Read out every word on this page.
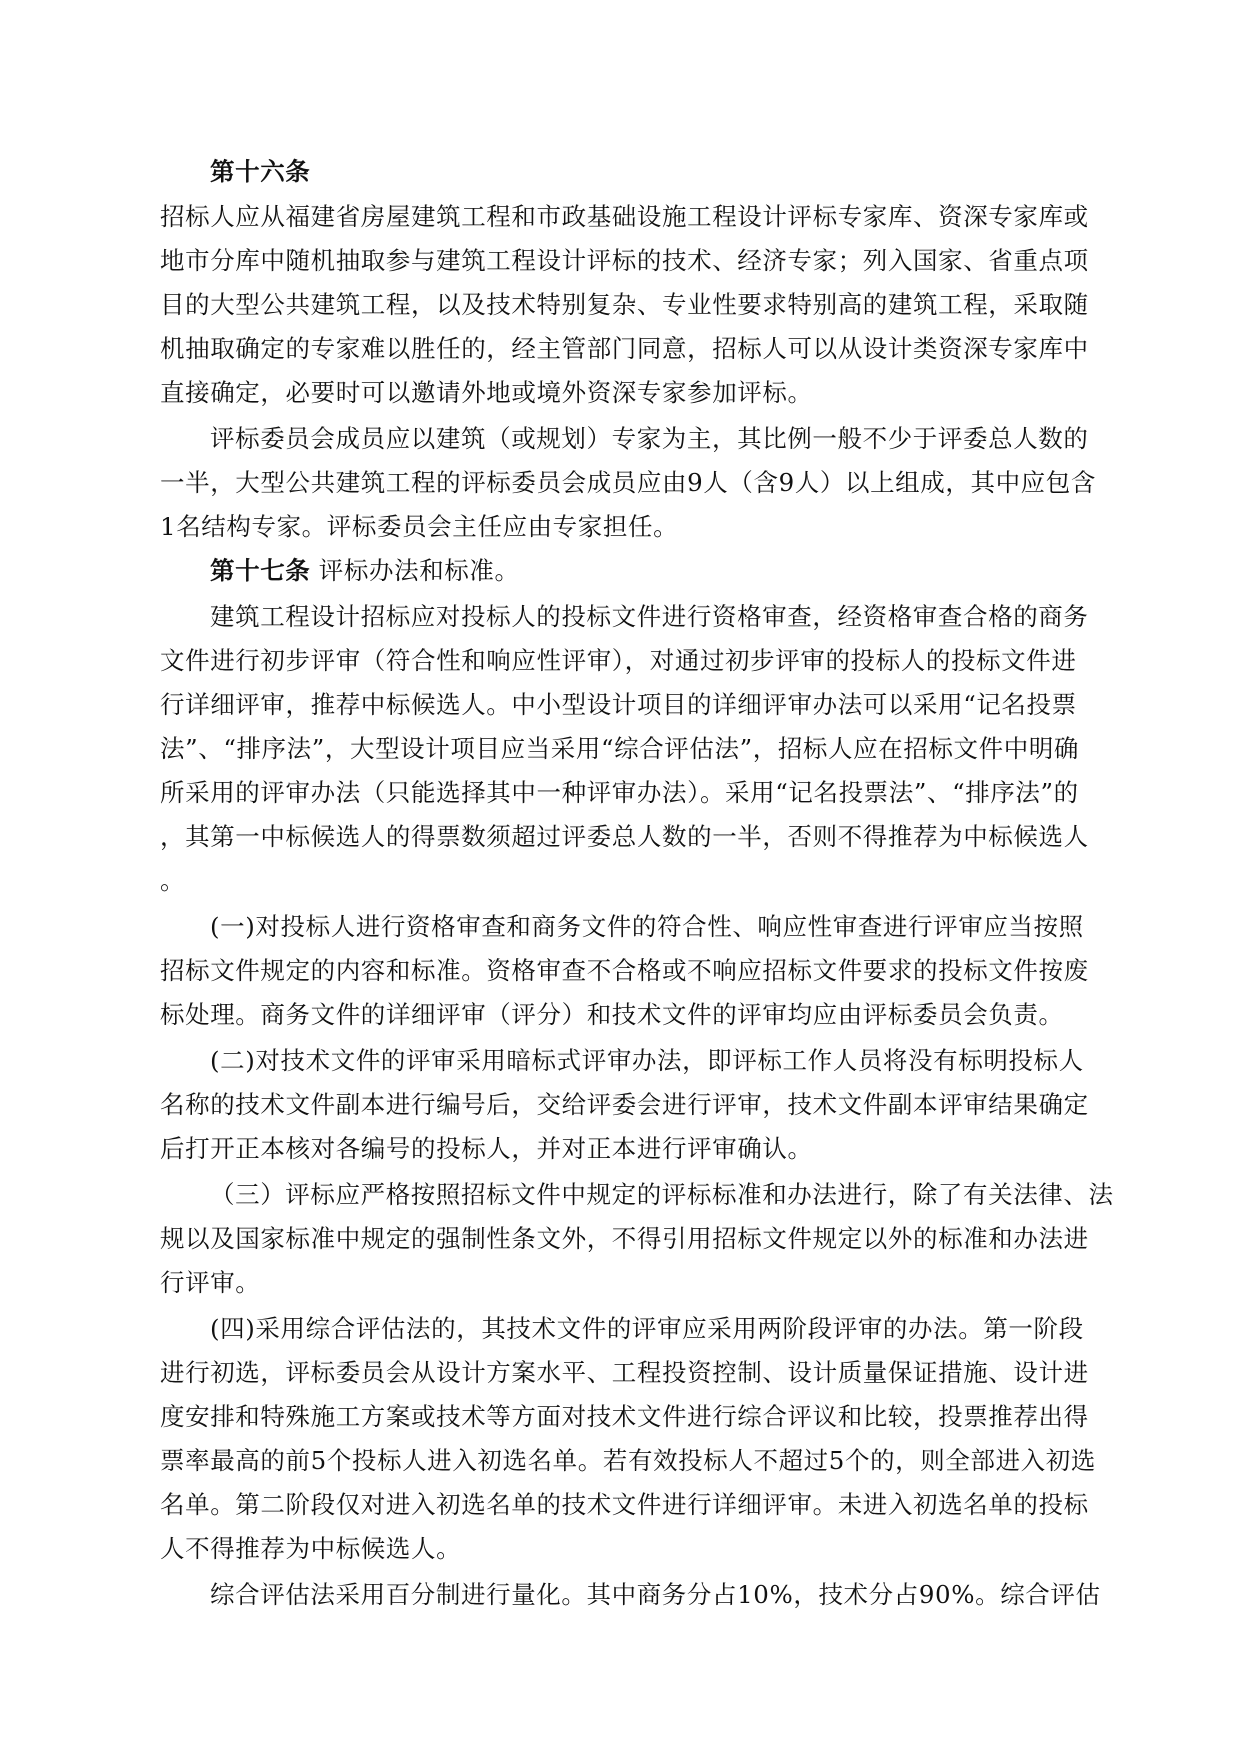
第十六条
招标人应从福建省房屋建筑工程和市政基础设施工程设计评标专家库、资深专家库或
地市分库中随机抽取参与建筑工程设计评标的技术、经济专家；列入国家、省重点项
目的大型公共建筑工程，以及技术特别复杂、专业性要求特别高的建筑工程，采取随
机抽取确定的专家难以胜任的，经主管部门同意，招标人可以从设计类资深专家库中
直接确定，必要时可以邀请外地或境外资深专家参加评标。
评标委员会成员应以建筑（或规划）专家为主，其比例一般不少于评委总人数的
一半，大型公共建筑工程的评标委员会成员应由9人（含9人）以上组成，其中应包含
1名结构专家。评标委员会主任应由专家担任。
第十七条 评标办法和标准。
建筑工程设计招标应对投标人的投标文件进行资格审查，经资格审查合格的商务
文件进行初步评审（符合性和响应性评审），对通过初步评审的投标人的投标文件进
行详细评审，推荐中标候选人。中小型设计项目的详细评审办法可以采用“记名投票
法”、“排序法”，大型设计项目应当采用“综合评估法”，招标人应在招标文件中明确
所采用的评审办法（只能选择其中一种评审办法）。采用“记名投票法”、“排序法”的
，其第一中标候选人的得票数须超过评委总人数的一半，否则不得推荐为中标候选人
。
(一)对投标人进行资格审查和商务文件的符合性、响应性审查进行评审应当按照
招标文件规定的内容和标准。资格审查不合格或不响应招标文件要求的投标文件按废
标处理。商务文件的详细评审（评分）和技术文件的评审均应由评标委员会负责。
(二)对技术文件的评审采用暗标式评审办法，即评标工作人员将没有标明投标人
名称的技术文件副本进行编号后，交给评委会进行评审，技术文件副本评审结果确定
后打开正本核对各编号的投标人，并对正本进行评审确认。
（三）评标应严格按照招标文件中规定的评标标准和办法进行，除了有关法律、法
规以及国家标准中规定的强制性条文外，不得引用招标文件规定以外的标准和办法进
行评审。
(四)采用综合评估法的，其技术文件的评审应采用两阶段评审的办法。第一阶段
进行初选，评标委员会从设计方案水平、工程投资控制、设计质量保证措施、设计进
度安排和特殊施工方案或技术等方面对技术文件进行综合评议和比较，投票推荐出得
票率最高的前5个投标人进入初选名单。若有效投标人不超过5个的，则全部进入初选
名单。第二阶段仅对进入初选名单的技术文件进行详细评审。未进入初选名单的投标
人不得推荐为中标候选人。
综合评估法采用百分制进行量化。其中商务分占10%，技术分占90%。综合评估
